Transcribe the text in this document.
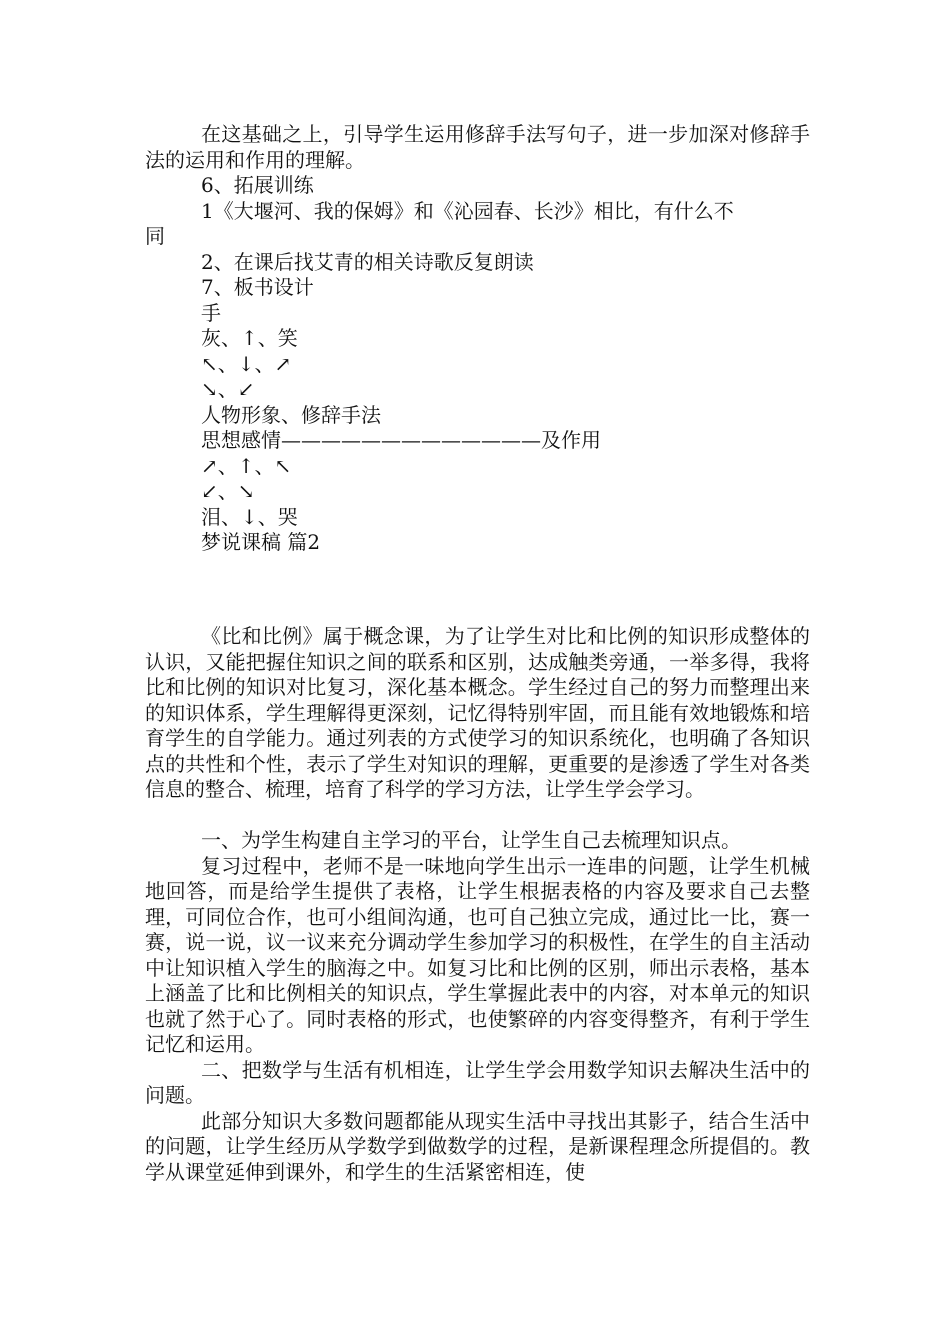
在这基础之上，引导学生运用修辞手法写句子，进一步加深对修辞手法的运用和作用的理解。

6、拓展训练
1《大堰河、我的保姆》和《沁园春、长沙》相比，有什么不
同
2、在课后找艾青的相关诗歌反复朗读
7、板书设计
手
灰、↑、笑
↖、↓、↗
↘、↙
人物形象、修辞手法
思想感情—————————————及作用
↗、↑、↖
↙、↘
泪、↓、哭
梦说课稿 篇2

《比和比例》属于概念课，为了让学生对比和比例的知识形成整体的认识，又能把握住知识之间的联系和区别，达成触类旁通，一举多得，我将比和比例的知识对比复习，深化基本概念。学生经过自己的努力而整理出来的知识体系，学生理解得更深刻，记忆得特别牢固，而且能有效地锻炼和培育学生的自学能力。通过列表的方式使学习的知识系统化，也明确了各知识点的共性和个性，表示了学生对知识的理解，更重要的是渗透了学生对各类信息的整合、梳理，培育了科学的学习方法，让学生学会学习。

一、为学生构建自主学习的平台，让学生自己去梳理知识点。

复习过程中，老师不是一味地向学生出示一连串的问题，让学生机械地回答，而是给学生提供了表格，让学生根据表格的内容及要求自己去整理，可同位合作，也可小组间沟通，也可自己独立完成，通过比一比，赛一赛，说一说，议一议来充分调动学生参加学习的积极性，在学生的自主活动中让知识植入学生的脑海之中。如复习比和比例的区别，师出示表格，基本上涵盖了比和比例相关的知识点，学生掌握此表中的内容，对本单元的知识也就了然于心了。同时表格的形式，也使繁碎的内容变得整齐，有利于学生记忆和运用。

二、把数学与生活有机相连，让学生学会用数学知识去解决生活中的问题。

此部分知识大多数问题都能从现实生活中寻找出其影子，结合生活中的问题，让学生经历从学数学到做数学的过程，是新课程理念所提倡的。教学从课堂延伸到课外，和学生的生活紧密相连，使
